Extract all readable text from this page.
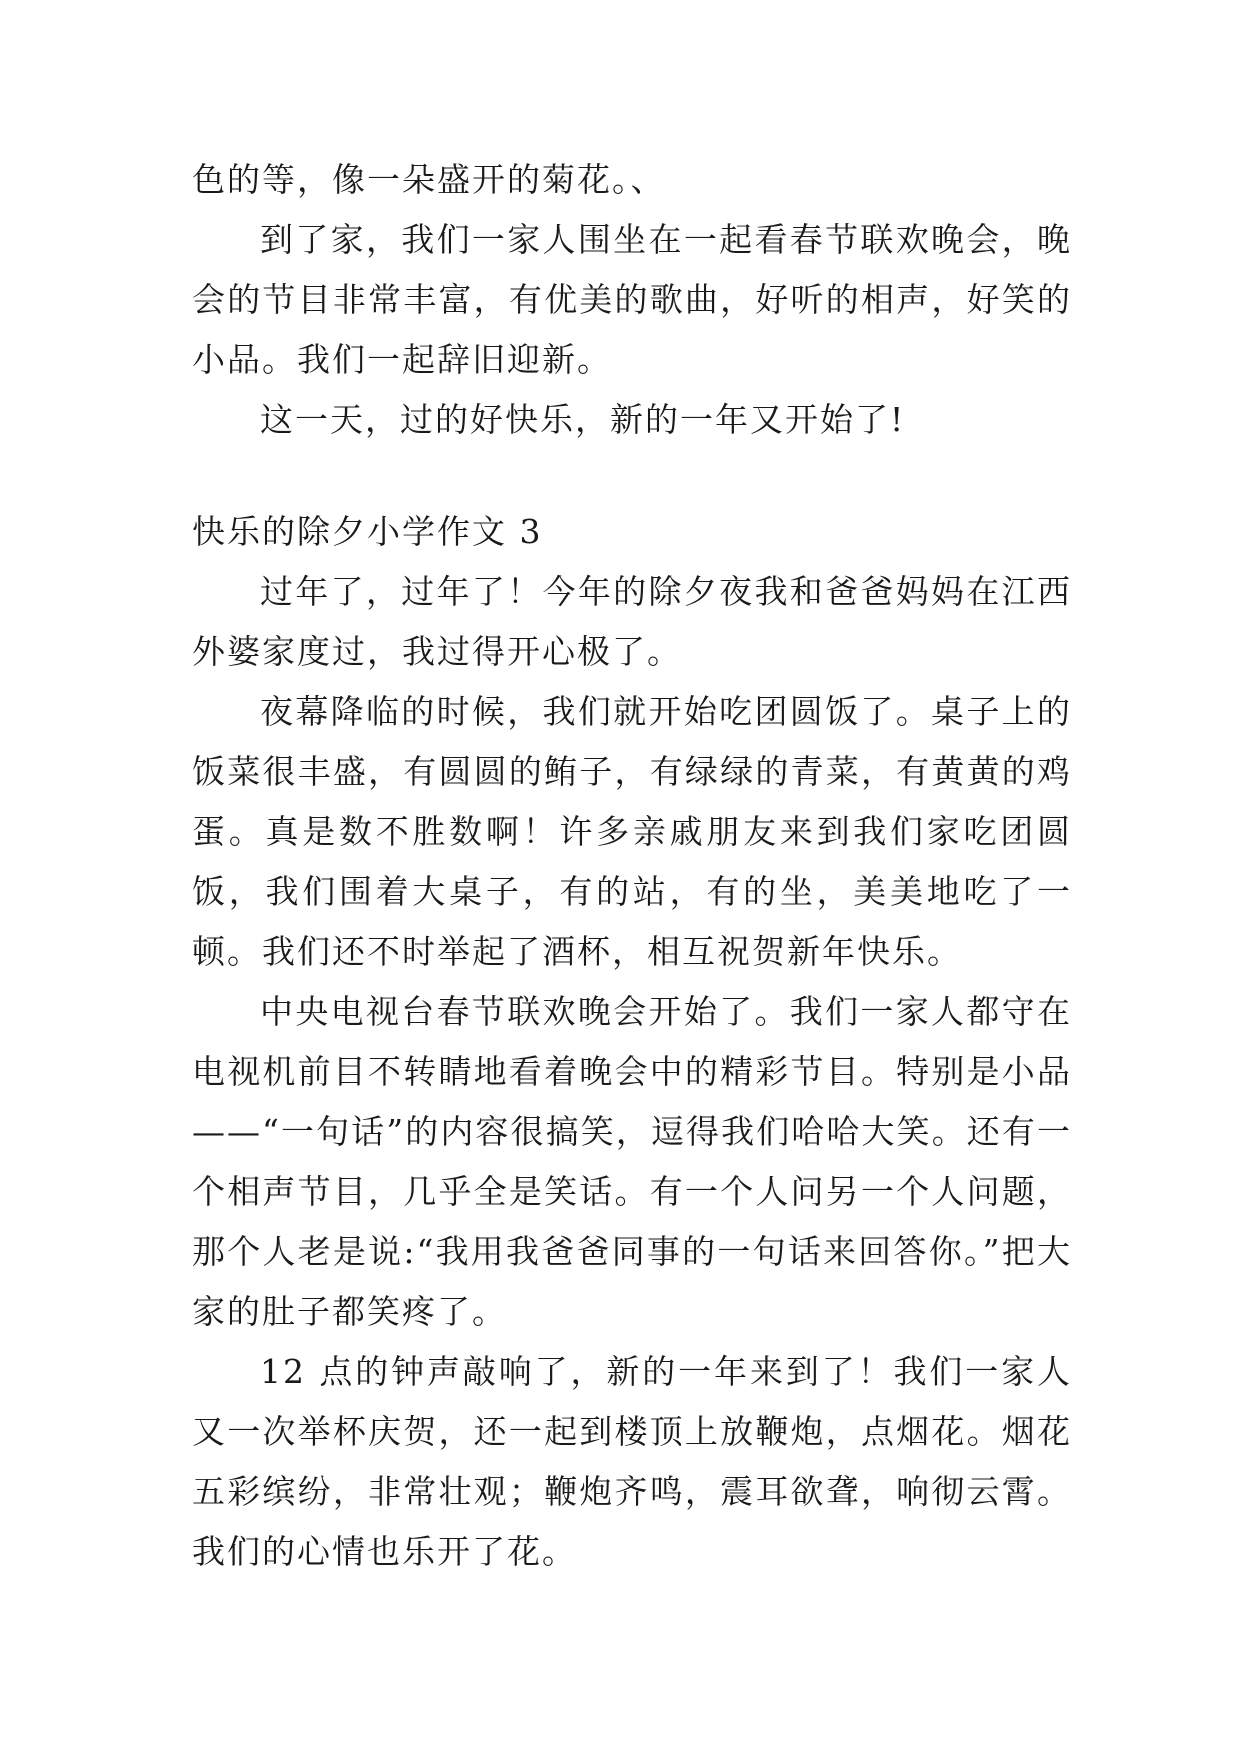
色的等，像一朵盛开的菊花。、

到了家，我们一家人围坐在一起看春节联欢晚会，晚会的节目非常丰富，有优美的歌曲，好听的相声，好笑的小品。我们一起辞旧迎新。

这一天，过的好快乐，新的一年又开始了!

快乐的除夕小学作文 3

过年了，过年了！今年的除夕夜我和爸爸妈妈在江西外婆家度过，我过得开心极了。

夜幕降临的时候，我们就开始吃团圆饭了。桌子上的饭菜很丰盛，有圆圆的鲔子，有绿绿的青菜，有黄黄的鸡蛋。真是数不胜数啊！许多亲戚朋友来到我们家吃团圆饭，我们围着大桌子，有的站，有的坐，美美地吃了一顿。我们还不时举起了酒杯，相互祝贺新年快乐。

中央电视台春节联欢晚会开始了。我们一家人都守在电视机前目不转睛地看着晚会中的精彩节目。特别是小品——“一句话”的内容很搞笑，逗得我们哈哈大笑。还有一个相声节目，几乎全是笑话。有一个人问另一个人问题，那个人老是说:“我用我爸爸同事的一句话来回答你。”把大家的肚子都笑疼了。

12 点的钟声敲响了，新的一年来到了！我们一家人又一次举杯庆贺，还一起到楼顶上放鞭炮，点烟花。烟花五彩缤纷，非常壮观；鞭炮齐鸣，震耳欲聋，响彻云霄。我们的心情也乐开了花。
